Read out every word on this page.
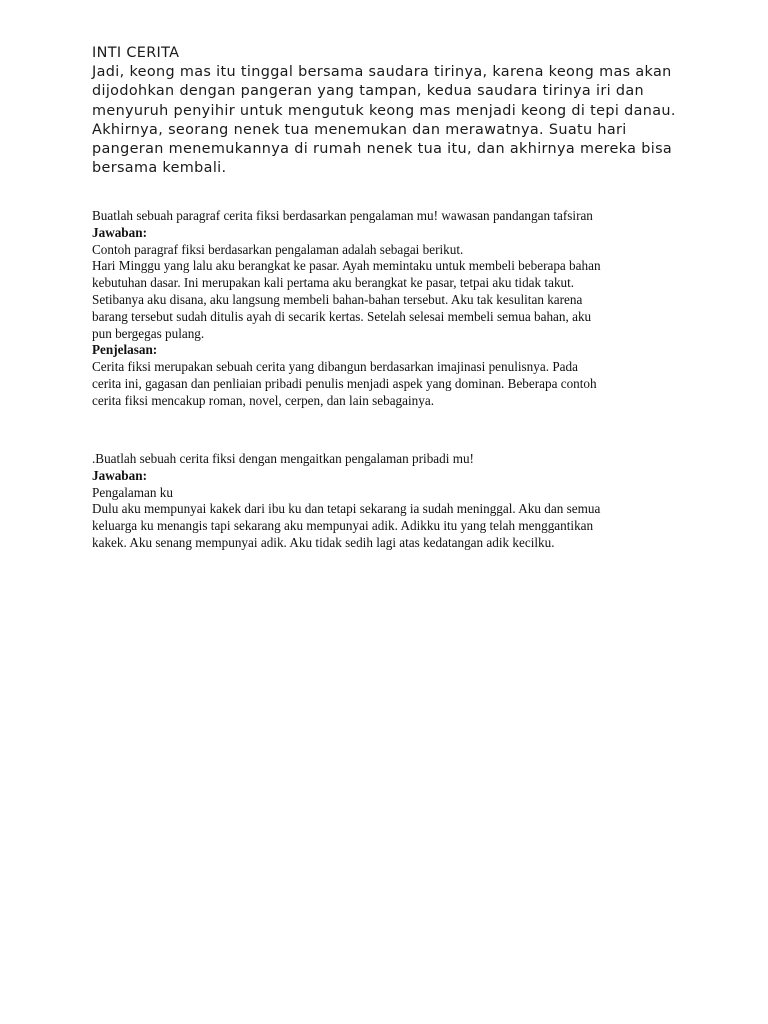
INTI CERITA

Jadi, keong mas itu tinggal bersama saudara tirinya, karena keong mas akan

dijodohkan dengan pangeran yang tampan, kedua saudara tirinya iri dan

menyuruh penyihir untuk mengutuk keong mas menjadi keong di tepi danau.

Akhirnya, seorang nenek tua menemukan dan merawatnya. Suatu hari

pangeran menemukannya di rumah nenek tua itu, dan akhirnya mereka bisa

bersama kembali.

Buatlah sebuah paragraf cerita fiksi berdasarkan pengalaman mu! wawasan pandangan tafsiran

Jawaban:

Contoh paragraf fiksi berdasarkan pengalaman adalah sebagai berikut.

Hari Minggu yang lalu aku berangkat ke pasar. Ayah memintaku untuk membeli beberapa bahan

kebutuhan dasar. Ini merupakan kali pertama aku berangkat ke pasar, tetpai aku tidak takut.

Setibanya aku disana, aku langsung membeli bahan-bahan tersebut. Aku tak kesulitan karena

barang tersebut sudah ditulis ayah di secarik kertas. Setelah selesai membeli semua bahan, aku

pun bergegas pulang.

Penjelasan:

Cerita fiksi merupakan sebuah cerita yang dibangun berdasarkan imajinasi penulisnya. Pada

cerita ini, gagasan dan penliaian pribadi penulis menjadi aspek yang dominan. Beberapa contoh

cerita fiksi mencakup roman, novel, cerpen, dan lain sebagainya.

.Buatlah sebuah cerita fiksi dengan mengaitkan pengalaman pribadi mu!

Jawaban:

Pengalaman ku

Dulu aku mempunyai kakek dari ibu ku dan tetapi sekarang ia sudah meninggal. Aku dan semua

keluarga ku menangis tapi sekarang aku mempunyai adik. Adikku itu yang telah menggantikan

kakek. Aku senang mempunyai adik. Aku tidak sedih lagi atas kedatangan adik kecilku.
